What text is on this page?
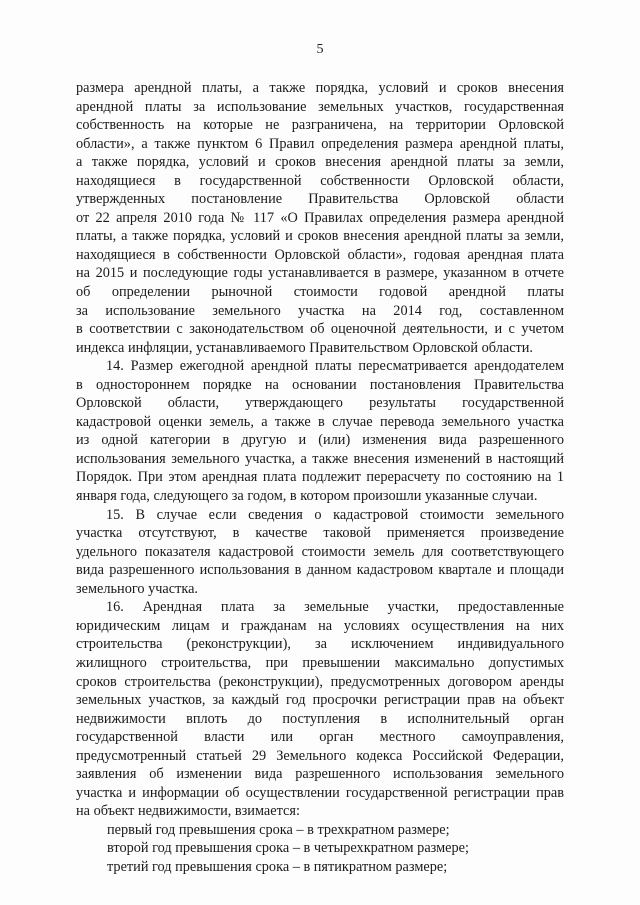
5
размера арендной платы, а также порядка, условий и сроков внесения
арендной платы за использование земельных участков, государственная
собственность на которые не разграничена, на территории Орловской
области», а также пунктом 6 Правил определения размера арендной платы,
а также порядка, условий и сроков внесения арендной платы за земли,
находящиеся в государственной собственности Орловской области,
утвержденных постановление Правительства Орловской области
от 22 апреля 2010 года № 117 «О Правилах определения размера арендной
платы, а также порядка, условий и сроков внесения арендной платы за земли,
находящиеся в собственности Орловской области», годовая арендная плата
на 2015 и последующие годы устанавливается в размере, указанном в отчете
об определении рыночной стоимости годовой арендной платы
за использование земельного участка на 2014 год, составленном
в соответствии с законодательством об оценочной деятельности, и с учетом
индекса инфляции, устанавливаемого Правительством Орловской области.
14. Размер ежегодной арендной платы пересматривается арендодателем
в одностороннем порядке на основании постановления Правительства
Орловской области, утверждающего результаты государственной
кадастровой оценки земель, а также в случае перевода земельного участка
из одной категории в другую и (или) изменения вида разрешенного
использования земельного участка, а также внесения изменений в настоящий
Порядок. При этом арендная плата подлежит перерасчету по состоянию на 1
января года, следующего за годом, в котором произошли указанные случаи.
15. В случае если сведения о кадастровой стоимости земельного
участка отсутствуют, в качестве таковой применяется произведение
удельного показателя кадастровой стоимости земель для соответствующего
вида разрешенного использования в данном кадастровом квартале и площади
земельного участка.
16. Арендная плата за земельные участки, предоставленные
юридическим лицам и гражданам на условиях осуществления на них
строительства (реконструкции), за исключением индивидуального
жилищного строительства, при превышении максимально допустимых
сроков строительства (реконструкции), предусмотренных договором аренды
земельных участков, за каждый год просрочки регистрации прав на объект
недвижимости вплоть до поступления в исполнительный орган
государственной власти или орган местного самоуправления,
предусмотренный статьей 29 Земельного кодекса Российской Федерации,
заявления об изменении вида разрешенного использования земельного
участка и информации об осуществлении государственной регистрации прав
на объект недвижимости, взимается:
первый год превышения срока – в трехкратном размере;
второй год превышения срока – в четырехкратном размере;
третий год превышения срока – в пятикратном размере;
